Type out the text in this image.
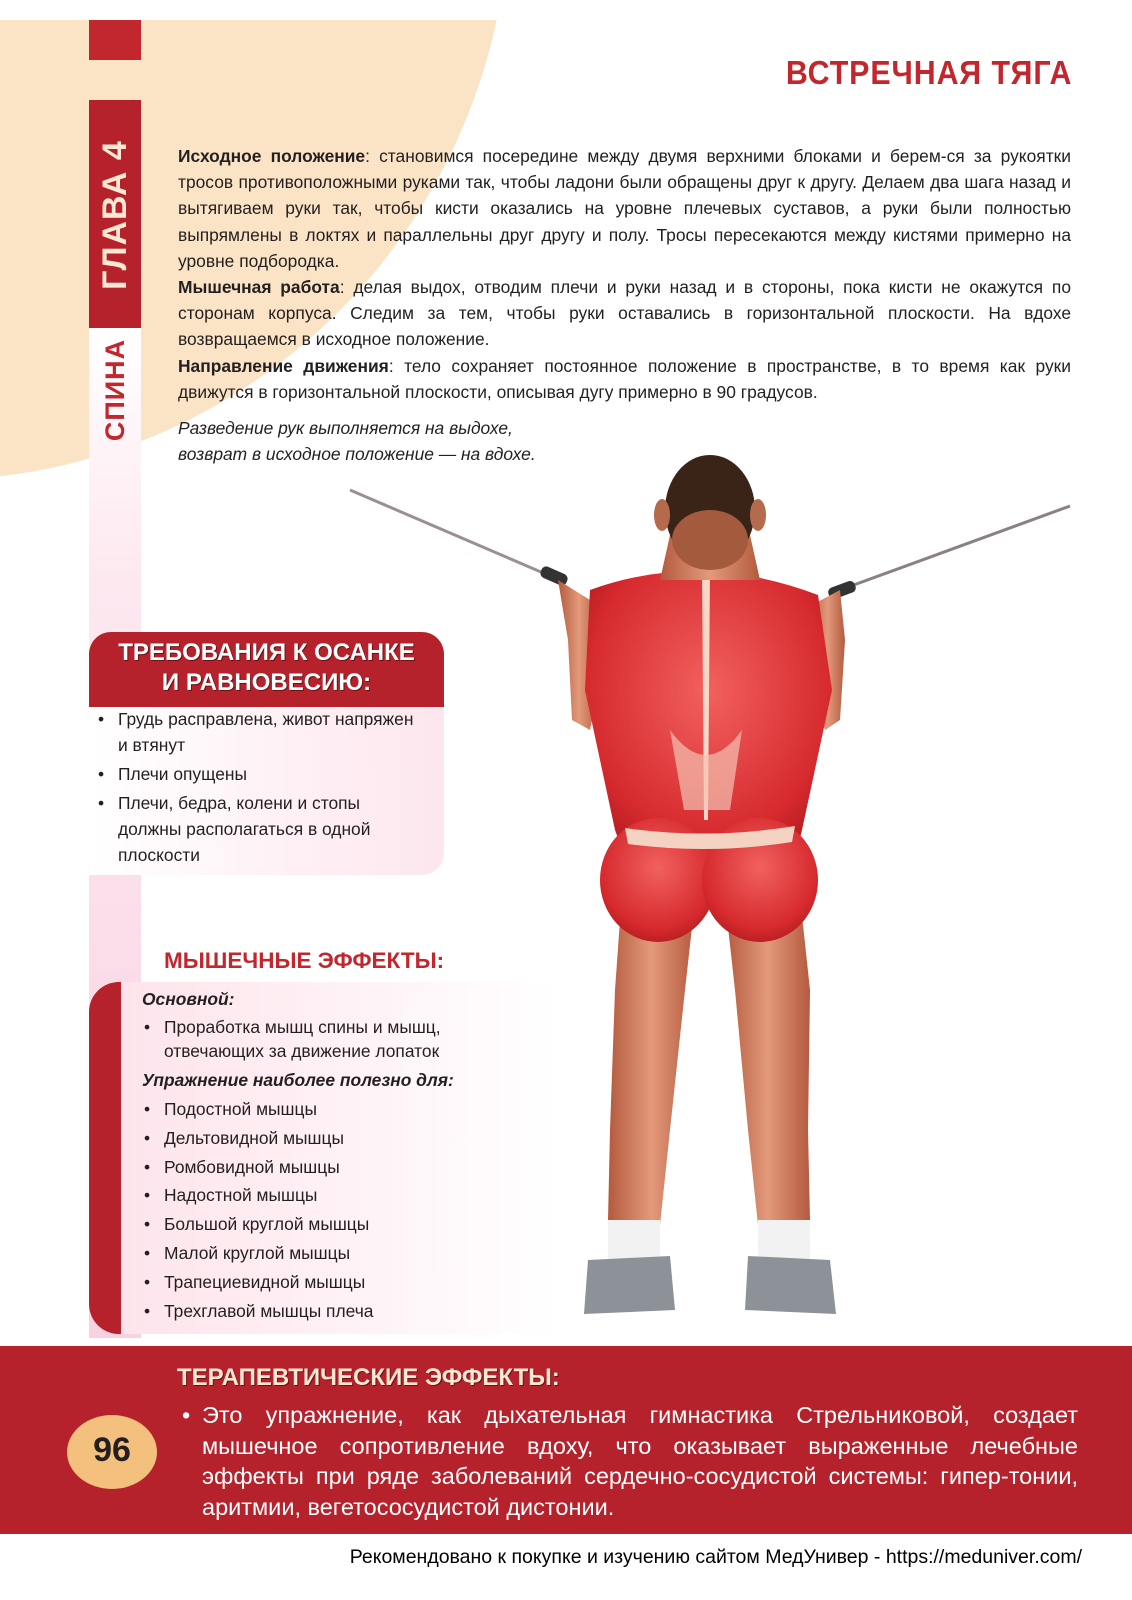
ГЛАВА 4
СПИНА
ВСТРЕЧНАЯ ТЯГА

Исходное положение: становимся посередине между двумя верхними блоками и берем-ся за рукоятки тросов противоположными руками так, чтобы ладони были обращены друг к другу. Делаем два шага назад и вытягиваем руки так, чтобы кисти оказались на уровне плечевых суставов, а руки были полностью выпрямлены в локтях и параллельны друг другу и полу. Тросы пересекаются между кистями примерно на уровне подбородка.

Мышечная работа: делая выдох, отводим плечи и руки назад и в стороны, пока кисти не окажутся по сторонам корпуса. Следим за тем, чтобы руки оставались в горизонтальной плоскости. На вдохе возвращаемся в исходное положение.

Направление движения: тело сохраняет постоянное положение в пространстве, в то время как руки движутся в горизонтальной плоскости, описывая дугу примерно в 90 градусов.

Разведение рук выполняется на выдохе,
возврат в исходное положение — на вдохе.
ТРЕБОВАНИЯ К ОСАНКЕ
И РАВНОВЕСИЮ:
• Грудь расправлена, живот напряжен и втянут
• Плечи опущены
• Плечи, бедра, колени и стопы должны располагаться в одной плоскости
МЫШЕЧНЫЕ ЭФФЕКТЫ:
Основной:
• Проработка мышц спины и мышц, отвечающих за движение лопаток
Упражнение наиболее полезно для:
• Подостной мышцы
• Дельтовидной мышцы
• Ромбовидной мышцы
• Надостной мышцы
• Большой круглой мышцы
• Малой круглой мышцы
• Трапециевидной мышцы
• Трехглавой мышцы плеча
ТЕРАПЕВТИЧЕСКИЕ ЭФФЕКТЫ:
• Это упражнение, как дыхательная гимнастика Стрельниковой, создает мышечное сопротивление вдоху, что оказывает выраженные лечебные эффекты при ряде заболеваний сердечно-сосудистой системы: гипер-тонии, аритмии, вегетососудистой дистонии.
96
Рекомендовано к покупке и изучению сайтом МедУнивер - https://meduniver.com/
